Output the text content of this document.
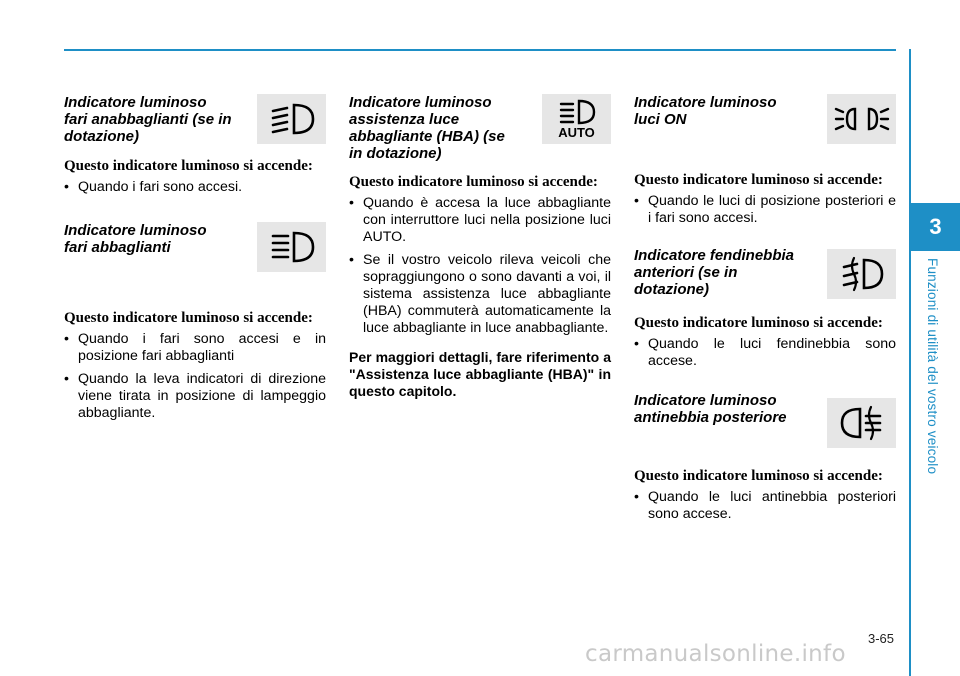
3
Funzioni di utilità del vostro veicolo
Indicatore luminoso fari anabbaglianti (se in dotazione)
Questo indicatore luminoso si accende:
• Quando i fari sono accesi.
Indicatore luminoso fari abbaglianti
Questo indicatore luminoso si accende:
• Quando i fari sono accesi e in posizione fari abbaglianti
• Quando la leva indicatori di direzione viene tirata in posizione di lampeggio abbagliante.
Indicatore luminoso assistenza luce abbagliante (HBA) (se in dotazione)
AUTO
Questo indicatore luminoso si accende:
• Quando è accesa la luce abbagliante con interruttore luci nella posizione luci AUTO.
• Se il vostro veicolo rileva veicoli che sopraggiungono o sono davanti a voi, il sistema assistenza luce abbagliante (HBA) commuterà automaticamente la luce abbagliante in luce anabbagliante.
Per maggiori dettagli, fare riferimento a "Assistenza luce abbagliante (HBA)" in questo capitolo.
Indicatore luminoso luci ON
Questo indicatore luminoso si accende:
• Quando le luci di posizione posteriori e i fari sono accesi.
Indicatore fendinebbia anteriori (se in dotazione)
Questo indicatore luminoso si accende:
• Quando le luci fendinebbia sono accese.
Indicatore luminoso antinebbia posteriore
Questo indicatore luminoso si accende:
• Quando le luci antinebbia posteriori sono accese.
3-65
carmanualsonline.info
